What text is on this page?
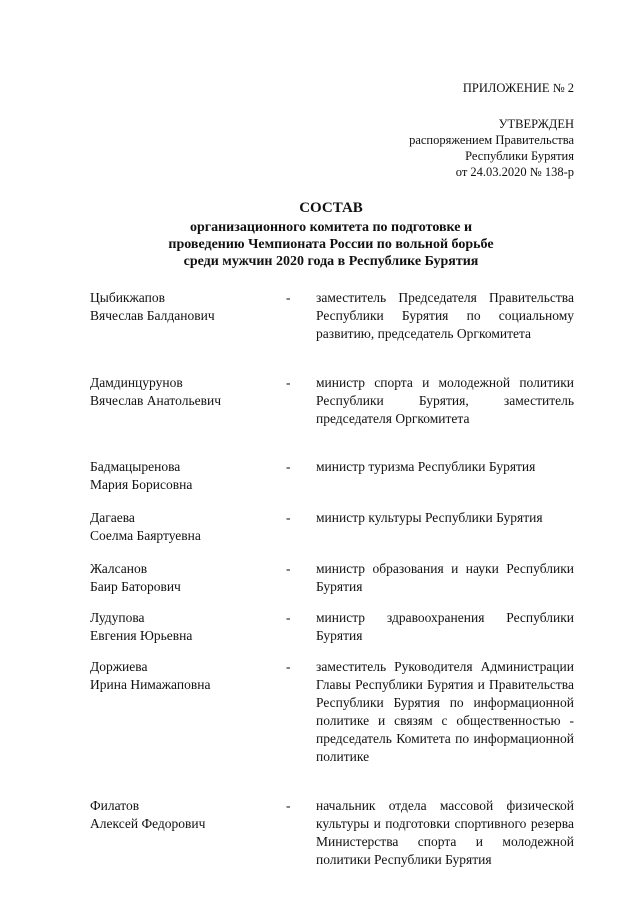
ПРИЛОЖЕНИЕ № 2
УТВЕРЖДЕН
распоряжением Правительства
Республики Бурятия
от 24.03.2020 № 138-р
СОСТАВ
организационного комитета по подготовке и
проведению Чемпионата России по вольной борьбе
среди мужчин 2020 года в Республике Бурятия
Цыбикжапов
Вячеслав Балданович
-	заместитель Председателя Правительства Республики Бурятия по социальному развитию, председатель Оргкомитета
Дамдинцурунов
Вячеслав Анатольевич
-	министр спорта и молодежной политики Республики Бурятия, заместитель председателя Оргкомитета
Бадмацыренова
Мария Борисовна
-	министр туризма Республики Бурятия
Дагаева
Соелма Баяртуевна
-	министр культуры Республики Бурятия
Жалсанов
Баир Баторович
-	министр образования и науки Республики Бурятия
Лудупова
Евгения Юрьевна
-	министр здравоохранения Республики Бурятия
Доржиева
Ирина Нимажаповна
-	заместитель Руководителя Администрации Главы Республики Бурятия и Правительства Республики Бурятия по информационной политике и связям с общественностью - председатель Комитета по информационной политике
Филатов
Алексей Федорович
-	начальник отдела массовой физической культуры и подготовки спортивного резерва Министерства спорта и молодежной политики Республики Бурятия
